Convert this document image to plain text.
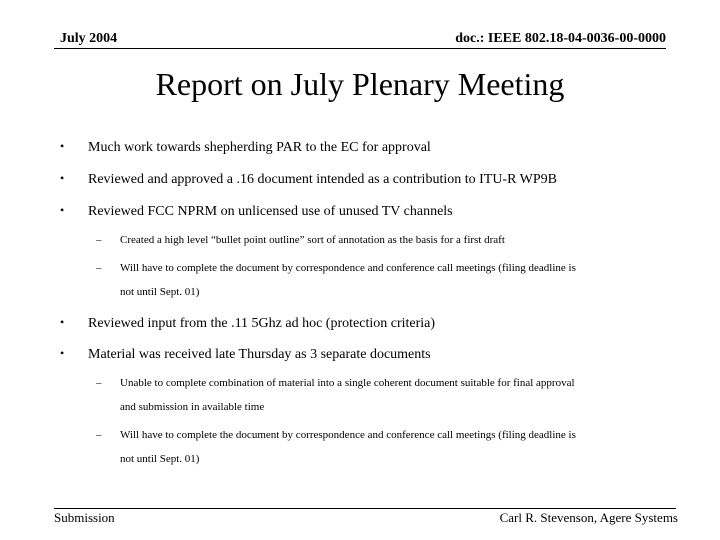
July 2004	doc.: IEEE 802.18-04-0036-00-0000
Report on July Plenary Meeting
• Much work towards shepherding PAR to the EC for approval
• Reviewed and approved a .16 document intended as a contribution to ITU-R WP9B
• Reviewed FCC NPRM on unlicensed use of unused TV channels
– Created a high level “bullet point outline” sort of annotation as the basis for a first draft
– Will have to complete the document by correspondence and conference call meetings (filing deadline is
not until Sept. 01)
• Reviewed input from the .11 5Ghz ad hoc (protection criteria)
• Material was received late Thursday as 3 separate documents
– Unable to complete combination of material into a single coherent document suitable for final approval
and submission in available time
– Will have to complete the document by correspondence and conference call meetings (filing deadline is
not until Sept. 01)
Submission	Carl R. Stevenson, Agere Systems
